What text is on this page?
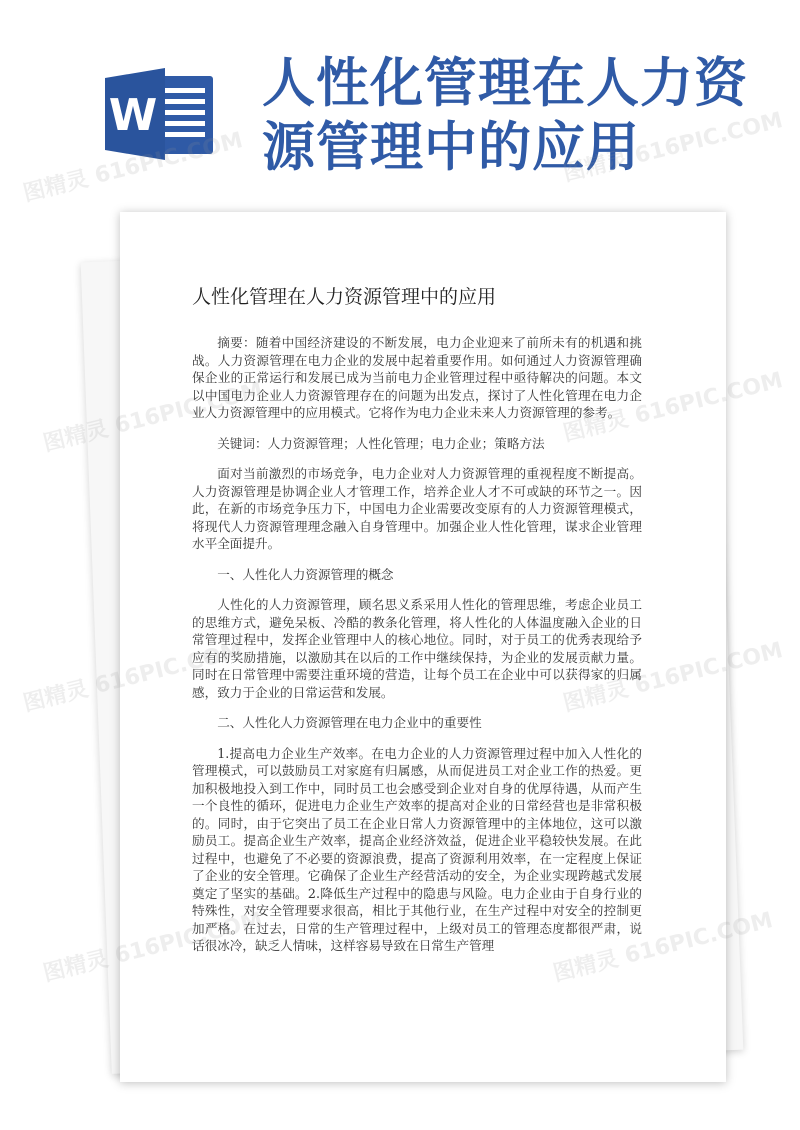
W
人性化管理在人力资源管理中的应用
人性化管理在人力资源管理中的应用

摘要：随着中国经济建设的不断发展，电力企业迎来了前所未有的机遇和挑战。人力资源管理在电力企业的发展中起着重要作用。如何通过人力资源管理确保企业的正常运行和发展已成为当前电力企业管理过程中亟待解决的问题。本文以中国电力企业人力资源管理存在的问题为出发点，探讨了人性化管理在电力企业人力资源管理中的应用模式。它将作为电力企业未来人力资源管理的参考。

关键词：人力资源管理；人性化管理；电力企业；策略方法

面对当前激烈的市场竞争，电力企业对人力资源管理的重视程度不断提高。人力资源管理是协调企业人才管理工作，培养企业人才不可或缺的环节之一。因此，在新的市场竞争压力下，中国电力企业需要改变原有的人力资源管理模式，将现代人力资源管理理念融入自身管理中。加强企业人性化管理，谋求企业管理水平全面提升。

一、人性化人力资源管理的概念

人性化的人力资源管理，顾名思义系采用人性化的管理思维，考虑企业员工的思维方式，避免呆板、冷酷的教条化管理，将人性化的人体温度融入企业的日常管理过程中，发挥企业管理中人的核心地位。同时，对于员工的优秀表现给予应有的奖励措施，以激励其在以后的工作中继续保持，为企业的发展贡献力量。同时在日常管理中需要注重环境的营造，让每个员工在企业中可以获得家的归属感，致力于企业的日常运营和发展。

二、人性化人力资源管理在电力企业中的重要性

1.提高电力企业生产效率。在电力企业的人力资源管理过程中加入人性化的管理模式，可以鼓励员工对家庭有归属感，从而促进员工对企业工作的热爱。更加积极地投入到工作中，同时员工也会感受到企业对自身的优厚待遇，从而产生一个良性的循环，促进电力企业生产效率的提高对企业的日常经营也是非常积极的。同时，由于它突出了员工在企业日常人力资源管理中的主体地位，这可以激励员工。提高企业生产效率，提高企业经济效益，促进企业平稳较快发展。在此过程中，也避免了不必要的资源浪费，提高了资源利用效率，在一定程度上保证了企业的安全管理。它确保了企业生产经营活动的安全，为企业实现跨越式发展奠定了坚实的基础。2.降低生产过程中的隐患与风险。电力企业由于自身行业的特殊性，对安全管理要求很高，相比于其他行业，在生产过程中对安全的控制更加严格。在过去，日常的生产管理过程中，上级对员工的管理态度都很严肃，说话很冰冷，缺乏人情味，这样容易导致在日常生产管理

图精灵 616PIC.COM	图精灵 616PIC.COM
图精灵
图精灵
图精灵
